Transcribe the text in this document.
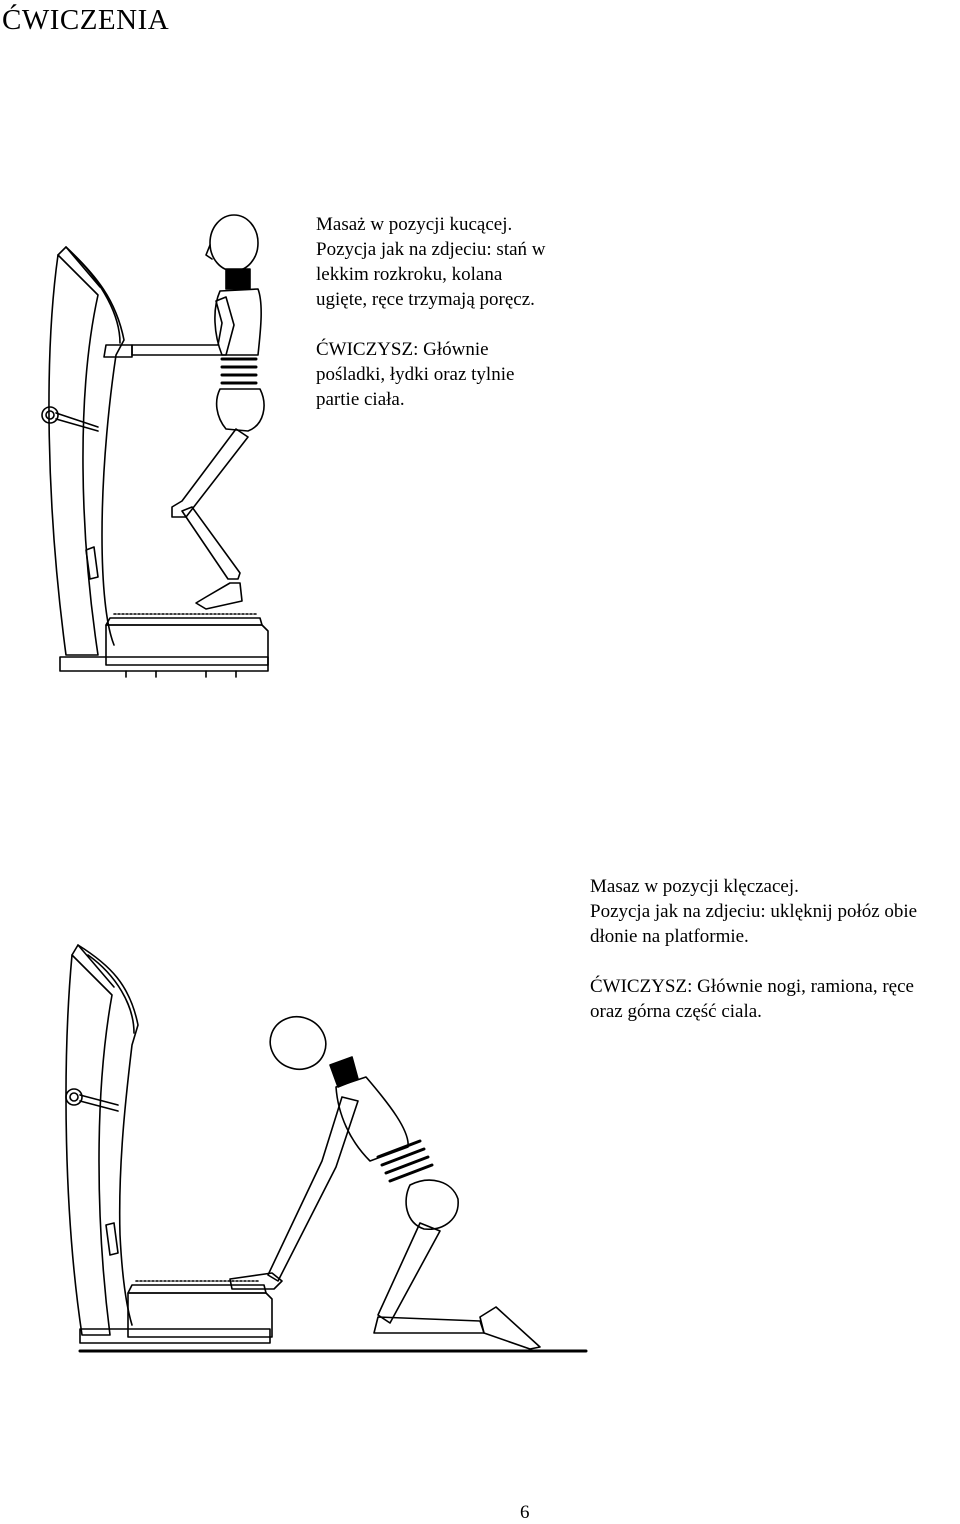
ĆWICZENIA

Masaż w pozycji kucącej.

Pozycja jak na zdjeciu: stań w

lekkim rozkroku, kolana

ugięte, ręce trzymają poręcz.

ĆWICZYSZ: Głównie

pośladki, łydki oraz tylnie

partie ciała.

Masaz w pozycji klęczacej.

Pozycja jak na zdjeciu: uklęknij połóz obie

dłonie na platformie.

ĆWICZYSZ: Głównie nogi, ramiona, ręce

oraz górna część ciala.

6
